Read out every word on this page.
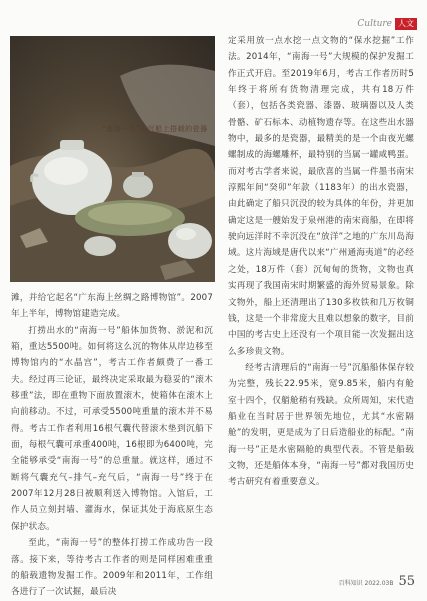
Culture 人文
“南海一号”古沉船上搭载的瓷器

滩，并给它起名“广东海上丝绸之路博物馆”。2007年上半年，博物馆建造完成。

打捞出水的“南海一号”船体加货物、淤泥和沉箱，重达5500吨。如何将这么沉的物体从岸边移至博物馆内的“水晶宫”，考古工作者颇费了一番工夫。经过再三论证，最终决定采取最为稳妥的“滚木移重”法，即在重物下面放置滚木，使箱体在滚木上向前移动。不过，可承受5500吨重量的滚木并不易得。考古工作者利用16根气囊代替滚木垫到沉船下面，每根气囊可承重400吨，16根即为6400吨，完全能够承受“南海一号”的总重量。就这样，通过不断将气囊充气–排气–充气后，“南海一号”终于在2007年12月28日被顺利送入博物馆。入馆后，工作人员立刻封墙、灌海水，保证其处于海底原生态保护状态。

至此，“南海一号”的整体打捞工作成功告一段落。接下来，等待考古工作者的则是同样困难重重的船载遗物发掘工作。2009年和2011年，工作组各进行了一次试掘，最后决

定采用放一点水挖一点文物的“保水挖掘”工作法。2014年，“南海一号”大规模的保护发掘工作正式开启。至2019年6月，考古工作者历时5年终于将所有货物清理完成，共有18万件（套），包括各类瓷器、漆器、玻璃器以及人类骨骼、矿石标本、动植物遗存等。在这些出水器物中，最多的是瓷器，最精美的是一个由夜光螺螺制成的海螺雕杯，最特别的当属一罐咸鸭蛋。而对考古学者来说，最欣喜的当属一件墨书南宋淳熙年间“癸卯”年款（1183年）的出水瓷器，由此确定了船只沉没的较为具体的年份，并更加确定这是一艘始发于泉州港的南宋商船，在即将驶向远洋时不幸沉没在“放洋”之地的广东川岛海域。这片海域是唐代以来“广州通海夷道”的必经之处，18万件（套）沉甸甸的货物，文物也真实再现了我国南宋时期繁盛的海外贸易景象。除文物外，船上还清理出了130多枚铁和几万枚铜钱，这是一个非常庞大且难以想象的数字，目前中国的考古史上还没有一个项目能一次发掘出这么多珍贵文物。

经考古清理后的“南海一号”沉船船体保存较为完整，残长22.95米，宽9.85米，船内有舱室十四个，仅艏舱稍有残缺。众所周知，宋代造船业在当时居于世界领先地位，尤其“水密隔舱”的发明，更是成为了日后造船业的标配。“南海一号”正是水密隔舱的典型代表。不管是船载文物，还是船体本身，“南海一号”都对我国历史考古研究有着重要意义。

百科知识 2022.03B 55
